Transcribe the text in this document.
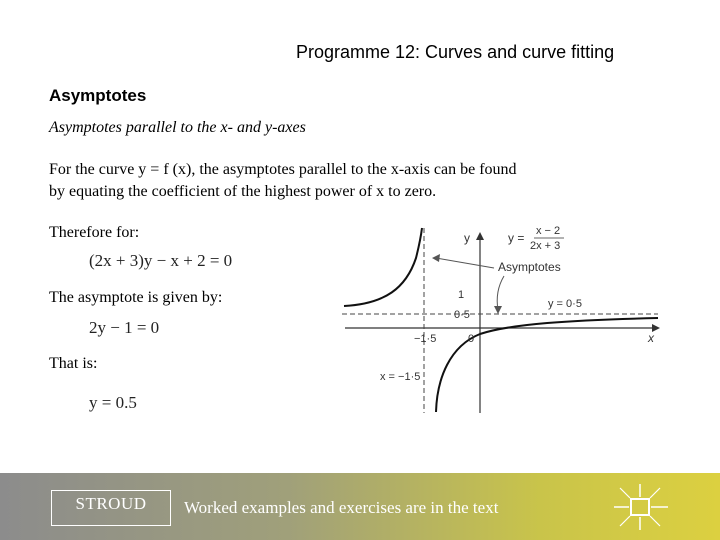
Programme 12: Curves and curve fitting
Asymptotes
Asymptotes parallel to the x- and y-axes
For the curve y = f (x), the asymptotes parallel to the x-axis can be found
by equating the coefficient of the highest power of x to zero.
Therefore for:
(2x + 3)y − x + 2 = 0
The asymptote is given by:
2y − 1 = 0
That is:
y = 0.5
y
x
y = x − 2
2x + 3
Asymptotes
1
0·5
0
−1·5
y = 0·5
x = −1·5
STROUD	Worked examples and exercises are in the text
